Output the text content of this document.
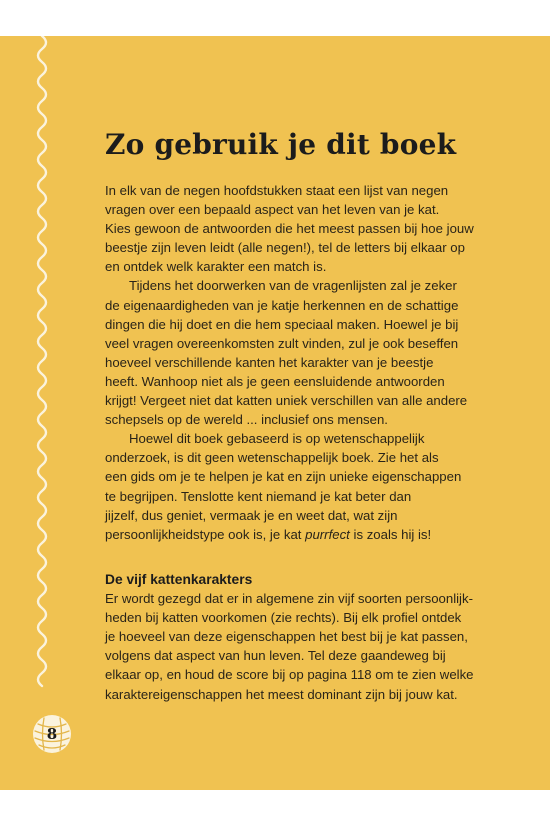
8
Zo gebruik je dit boek
In elk van de negen hoofdstukken staat een lijst van negen
vragen over een bepaald aspect van het leven van je kat.
Kies gewoon de antwoorden die het meest passen bij hoe jouw
beestje zijn leven leidt (alle negen!), tel de letters bij elkaar op
en ontdek welk karakter een match is.
Tijdens het doorwerken van de vragenlijsten zal je zeker
de eigenaardigheden van je katje herkennen en de schattige
dingen die hij doet en die hem speciaal maken. Hoewel je bij
veel vragen overeenkomsten zult vinden, zul je ook beseffen
hoeveel verschillende kanten het karakter van je beestje
heeft. Wanhoop niet als je geen eensluidende antwoorden
krijgt! Vergeet niet dat katten uniek verschillen van alle andere
schepsels op de wereld ... inclusief ons mensen.
Hoewel dit boek gebaseerd is op wetenschappelijk
onderzoek, is dit geen wetenschappelijk boek. Zie het als
een gids om je te helpen je kat en zijn unieke eigenschappen
te begrijpen. Tenslotte kent niemand je kat beter dan
jijzelf, dus geniet, vermaak je en weet dat, wat zijn
persoonlijkheidstype ook is, je kat purrfect is zoals hij is!
De vijf kattenkarakters
Er wordt gezegd dat er in algemene zin vijf soorten persoonlijk-
heden bij katten voorkomen (zie rechts). Bij elk profiel ontdek
je hoeveel van deze eigenschappen het best bij je kat passen,
volgens dat aspect van hun leven. Tel deze gaandeweg bij
elkaar op, en houd de score bij op pagina 118 om te zien welke
karaktereigenschappen het meest dominant zijn bij jouw kat.
